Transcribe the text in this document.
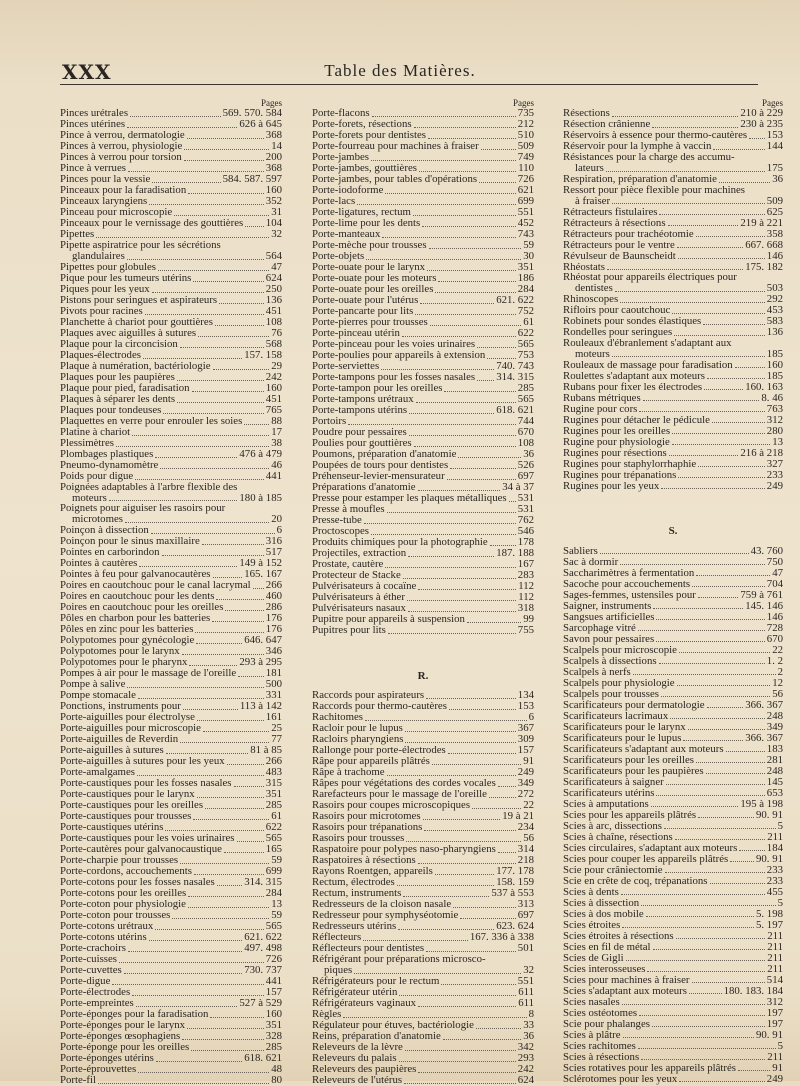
XXX	Table des Matières.
Pages
Pinces urétrales	569. 570. 584
Pinces utérines	626 à 645
Pince à verrou, dermatologie	368
Pinces à verrou, physiologie	14
Pinces à verrou pour torsion	200
Pince à verrues	368
Pinces pour la vessie	584. 587. 597
Pinceaux pour la faradisation	160
Pinceaux laryngiens	352
Pinceau pour microscopie	31
Pinceaux pour le vernissage des gouttières 104
Pipettes	32
Pipette aspiratrice pour les sécrétions
glandulaires	564
Pipettes pour globules	47
Pique pour les tumeurs utérins	624
Piques pour les yeux	250
Pistons pour seringues et aspirateurs	136
Pivots pour racines	451
Planchette à chariot pour gouttières	108
Plaques avec aiguilles à sutures	76
Plaque pour la circoncision	568
Plaques-électrodes	157. 158
Plaque à numération, bactériologie	29
Plaques pour les paupières	242
Plaque pour pied, faradisation	160
Plaques à séparer les dents	451
Plaques pour tondeuses	765
Plaquettes en verre pour enrouler les soies	88
Platine à chariot	17
Plessimètres	38
Plombages plastiques	476 à 479
Pneumo-dynamomètre	46
Poids pour digue	441
Poignées adaptables à l'arbre flexible des
moteurs	180 à 185
Poignets pour aiguiser les rasoirs pour
microtomes	20
Poinçon à dissection	6
Poinçon pour le sinus maxillaire	316
Pointes en carborindon	517
Pointes à cautères	149 à 152
Pointes à feu pour galvanocautères	165. 167
Poires en caoutchouc pour le canal lacrymal 266
Poires en caoutchouc pour les dents	460
Poires en caoutchouc pour les oreilles	286
Pôles en charbon pour les batteries	176
Pôles en zinc pour les batteries	176
Polypotomes pour gynécologie	646. 647
Polypotomes pour le larynx	346
Polypotomes pour le pharynx	293 à 295
Pompes à air pour le massage de l'oreille	181
Pompe à salive	500
Pompe stomacale	331
Ponctions, instruments pour	113 à 142
Porte-aiguilles pour électrolyse	161
Porte-aiguilles pour microscopie	25
Porte-aiguilles de Reverdin	77
Porte-aiguilles à sutures	81 à 85
Porte-aiguilles à sutures pour les yeux	266
Porte-amalgames	483
Porte-caustiques pour les fosses nasales	315
Porte-caustiques pour le larynx	351
Porte-caustiques pour les oreilles	285
Porte-caustiques pour trousses	61
Porte-caustiques utérins	622
Porte-caustiques pour les voies urinaires	565
Porte-cautères pour galvanocaustique	165
Porte-charpie pour trousses	59
Porte-cordons, accouchements	699
Porte-cotons pour les fosses nasales	314. 315
Porte-cotons pour les oreilles	284
Porte-coton pour physiologie	13
Porte-coton pour trousses	59
Porte-cotons urétraux	565
Porte-cotons utérins	621. 622
Porte-crachoirs	497. 498
Porte-cuisses	726
Porte-cuvettes	730. 737
Porte-digue	441
Porte-électrodes	157
Porte-empreintes	527 à 529
Porte-éponges pour la faradisation	160
Porte-éponges pour le larynx	351
Porte-éponges œsophagiens	328
Porte-éponge pour les oreilles	285
Porte-éponges utérins	618. 621
Porte-éprouvettes	48
Porte-fil	80
Pages
Porte-flacons	735
Porte-forets, résections	212
Porte-forets pour dentistes	510
Porte-fourreau pour machines à fraiser	509
Porte-jambes	749
Porte-jambes, gouttières	110
Porte-jambes, pour tables d'opérations	726
Porte-iodoforme	621
Porte-lacs	699
Porte-ligatures, rectum	551
Porte-lime pour les dents	452
Porte-manteaux	743
Porte-mèche pour trousses	59
Porte-objets	30
Porte-ouate pour le larynx	351
Porte-ouate pour les moteurs	186
Porte-ouate pour les oreilles	284
Porte-ouate pour l'utérus	621. 622
Porte-pancarte pour lits	752
Porte-pierres pour trousses	61
Porte-pinceau utérin	622
Porte-pinceau pour les voies urinaires	565
Porte-poulies pour appareils à extension	753
Porte-serviettes	740. 743
Porte-tampons pour les fosses nasales 314. 315
Porte-tampon pour les oreilles	285
Porte-tampons urétraux	565
Porte-tampons utérins	618. 621
Portoirs	744
Poudre pour pessaires	670
Poulies pour gouttières	108
Poumons, préparation d'anatomie	36
Poupées de tours pour dentistes	526
Préhenseur-levier-mensurateur	697
Préparations d'anatomie	34 à 37
Presse pour estamper les plaques métalliques 531
Presse à moufles	531
Presse-tube	762
Proctoscopes	546
Produits chimiques pour la photographie	178
Projectiles, extraction	187. 188
Prostate, cautère	167
Protecteur de Stacke	283
Pulvérisateurs à cocaïne	112
Pulvérisateurs à éther	112
Pulvérisateurs nasaux	318
Pupitre pour appareils à suspension	99
Pupitres pour lits	755
R.
Raccords pour aspirateurs	134
Raccords pour thermo-cautères	153
Rachitomes	6
Racloir pour le lupus	367
Racloirs pharyngiens	309
Rallonge pour porte-électrodes	157
Râpe pour appareils plâtrés	91
Râpe à trachome	249
Râpes pour végétations des cordes vocales 349
Rarefacteurs pour le massage de l'oreille	272
Rasoirs pour coupes microscopiques	22
Rasoirs pour microtomes	19 à 21
Rasoirs pour trépanations	234
Rasoirs pour trousses	56
Raspatoire pour polypes naso-pharyngiens 314
Raspatoires à résections	218
Rayons Roentgen, appareils	177. 178
Rectum, électrodes	158. 159
Rectum, instruments	537 à 553
Redresseurs de la cloison nasale	313
Redresseur pour symphyséotomie	697
Redresseurs utérins	623. 624
Réflecteurs	167. 336 à 338
Réflecteurs pour dentistes	501
Réfrigérant pour préparations microsco-
piques	32
Réfrigérateurs pour le rectum	551
Réfrigérateur utérin	611
Réfrigérateurs vaginaux	611
Règles	8
Régulateur pour étuves, bactériologie	33
Reins, préparation d'anatomie	36
Releveurs de la lèvre	342
Releveurs du palais	293
Releveurs des paupières	242
Releveurs de l'utérus	624
Pages
Résections	210 à 229
Résection crânienne	230 à 235
Réservoirs à essence pour thermo-cautères 153
Réservoir pour la lymphe à vaccin	144
Résistances pour la charge des accumu-
lateurs	175
Respiration, préparation d'anatomie	36
Ressort pour pièce flexible pour machines
à fraiser	509
Rétracteurs fistulaires	625
Rétracteurs à résections	219 à 221
Rétracteurs pour trachéotomie	358
Rétracteurs pour le ventre	667. 668
Révulseur de Baunscheidt	146
Rhéostats	175. 182
Rhéostat pour appareils électriques pour
dentistes	503
Rhinoscopes	292
Rifloirs pour caoutchouc	453
Robinets pour sondes élastiques	583
Rondelles pour seringues	136
Rouleaux d'ébranlement s'adaptant aux
moteurs	185
Rouleaux de massage pour faradisation	160
Roulettes s'adaptant aux moteurs	185
Rubans pour fixer les électrodes	160. 163
Rubans métriques	8. 46
Rugine pour cors	763
Rugines pour détacher le pédicule	312
Rugines pour les oreilles	280
Rugine pour physiologie	13
Rugines pour résections	216 à 218
Rugines pour staphylorrhaphie	327
Rugines pour trépanations	233
Rugines pour les yeux	249
S.
Sabliers	43. 760
Sac à dormir	750
Saccharimètres à fermentation	47
Sacoche pour accouchements	704
Sages-femmes, ustensiles pour	759 à 761
Saigner, instruments	145. 146
Sangsues artificielles	146
Sarcophage vitré	728
Savon pour pessaires	670
Scalpels pour microscopie	22
Scalpels à dissections	1. 2
Scalpels à nerfs	2
Scalpels pour physiologie	12
Scalpels pour trousses	56
Scarificateurs pour dermatologie	366. 367
Scarificateurs lacrimaux	248
Scarificateurs pour le larynx	349
Scarificateurs pour le lupus	366. 367
Scarificateurs s'adaptant aux moteurs	183
Scarificateurs pour les oreilles	281
Scarificateurs pour les paupières	248
Scarificateurs à saigner	145
Scarificateurs utérins	653
Scies à amputations	195 à 198
Scies pour les appareils plâtrés	90. 91
Scies à arc, dissections	5
Scies à chaîne, résections	211
Scies circulaires, s'adaptant aux moteurs	184
Scies pour couper les appareils plâtrés	90. 91
Scie pour crâniectomie	233
Scie en crête de coq, trépanations	233
Scies à dents	455
Scies à dissection	5
Scies à dos mobile	5. 198
Scies étroites	5. 197
Scies étroites à résections	211
Scies en fil de métal	211
Scies de Gigli	211
Scies interosseuses	211
Scies pour machines à fraiser	514
Scies s'adaptant aux moteurs	180. 183. 184
Scies nasales	312
Scies ostéotomes	197
Scie pour phalanges	197
Scies à plâtre	90. 91
Scies rachitomes	5
Scies à résections	211
Scies rotatives pour les appareils plâtrés	91
Sclérotomes pour les yeux	249
